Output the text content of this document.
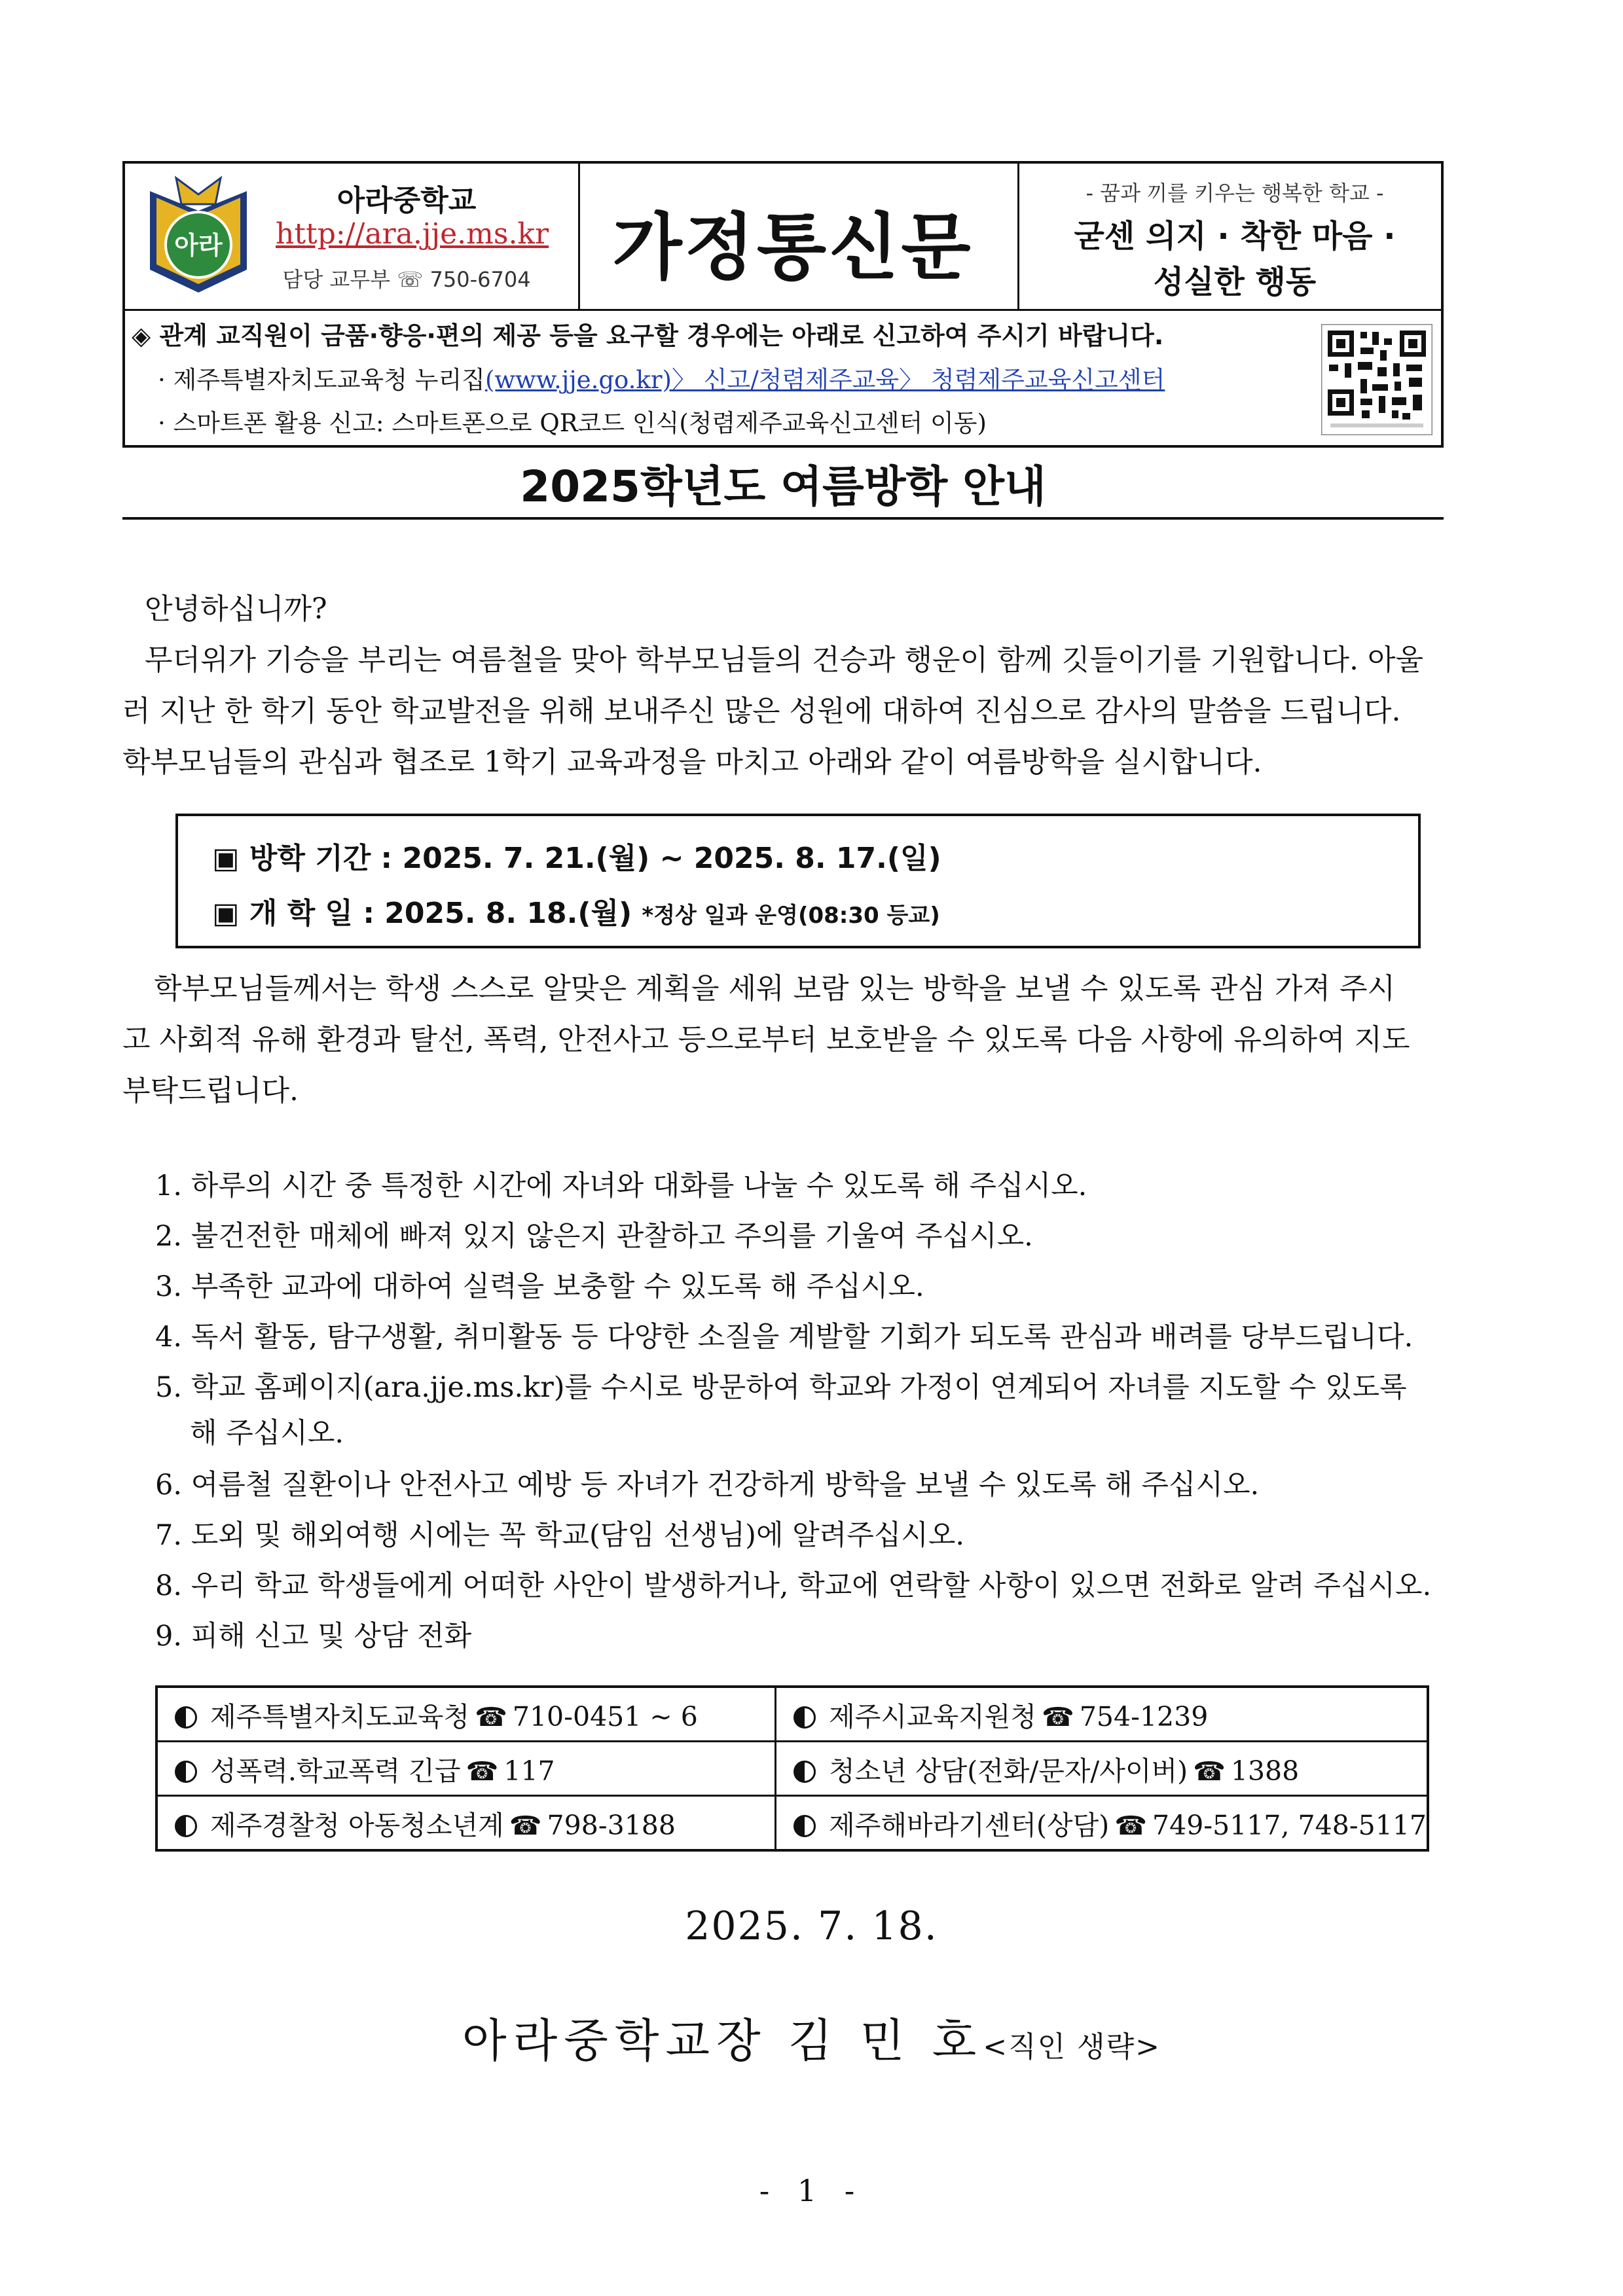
아라
아라중학교
http://ara.jje.ms.kr
담당 교무부 ☏ 750-6704	가정통신문
- 꿈과 끼를 키우는 행복한 학교 -
굳센 의지 · 착한 마음 ·
성실한 행동
◈ 관계 교직원이 금품·향응·편의 제공 등을 요구할 경우에는 아래로 신고하여 주시기 바랍니다.
· 제주특별자치도교육청 누리집(www.jje.go.kr)〉 신고/청렴제주교육〉 청렴제주교육신고센터
· 스마트폰 활용 신고: 스마트폰으로 QR코드 인식(청렴제주교육신고센터 이동)
2025학년도 여름방학 안내
안녕하십니까?
무더위가 기승을 부리는 여름철을 맞아 학부모님들의 건승과 행운이 함께 깃들이기를 기원합니다. 아울
러 지난 한 학기 동안 학교발전을 위해 보내주신 많은 성원에 대하여 진심으로 감사의 말씀을 드립니다.
학부모님들의 관심과 협조로 1학기 교육과정을 마치고 아래와 같이 여름방학을 실시합니다.
▣ 방학 기간 : 2025. 7. 21.(월) ~ 2025. 8. 17.(일)
▣ 개 학 일 : 2025. 8. 18.(월) *정상 일과 운영(08:30 등교)
학부모님들께서는 학생 스스로 알맞은 계획을 세워 보람 있는 방학을 보낼 수 있도록 관심 가져 주시
고 사회적 유해 환경과 탈선, 폭력, 안전사고 등으로부터 보호받을 수 있도록 다음 사항에 유의하여 지도
부탁드립니다.
1. 하루의 시간 중 특정한 시간에 자녀와 대화를 나눌 수 있도록 해 주십시오.
2. 불건전한 매체에 빠져 있지 않은지 관찰하고 주의를 기울여 주십시오.
3. 부족한 교과에 대하여 실력을 보충할 수 있도록 해 주십시오.
4. 독서 활동, 탐구생활, 취미활동 등 다양한 소질을 계발할 기회가 되도록 관심과 배려를 당부드립니다.
5. 학교 홈페이지(ara.jje.ms.kr)를 수시로 방문하여 학교와 가정이 연계되어 자녀를 지도할 수 있도록
해 주십시오.
6. 여름철 질환이나 안전사고 예방 등 자녀가 건강하게 방학을 보낼 수 있도록 해 주십시오.
7. 도외 및 해외여행 시에는 꼭 학교(담임 선생님)에 알려주십시오.
8. 우리 학교 학생들에게 어떠한 사안이 발생하거나, 학교에 연락할 사항이 있으면 전화로 알려 주십시오.
9. 피해 신고 및 상담 전화
제주특별자치도교육청 ☎ 710-0451 ~ 6	제주시교육지원청 ☎ 754-1239
성폭력.학교폭력 긴급 ☎ 117	청소년 상담(전화/문자/사이버) ☎ 1388
제주경찰청 아동청소년계 ☎ 798-3188	제주해바라기센터(상담) ☎ 749-5117, 748-5117
2025. 7. 18.
아라중학교장 김 민 호<직인 생략>
- 1 -
